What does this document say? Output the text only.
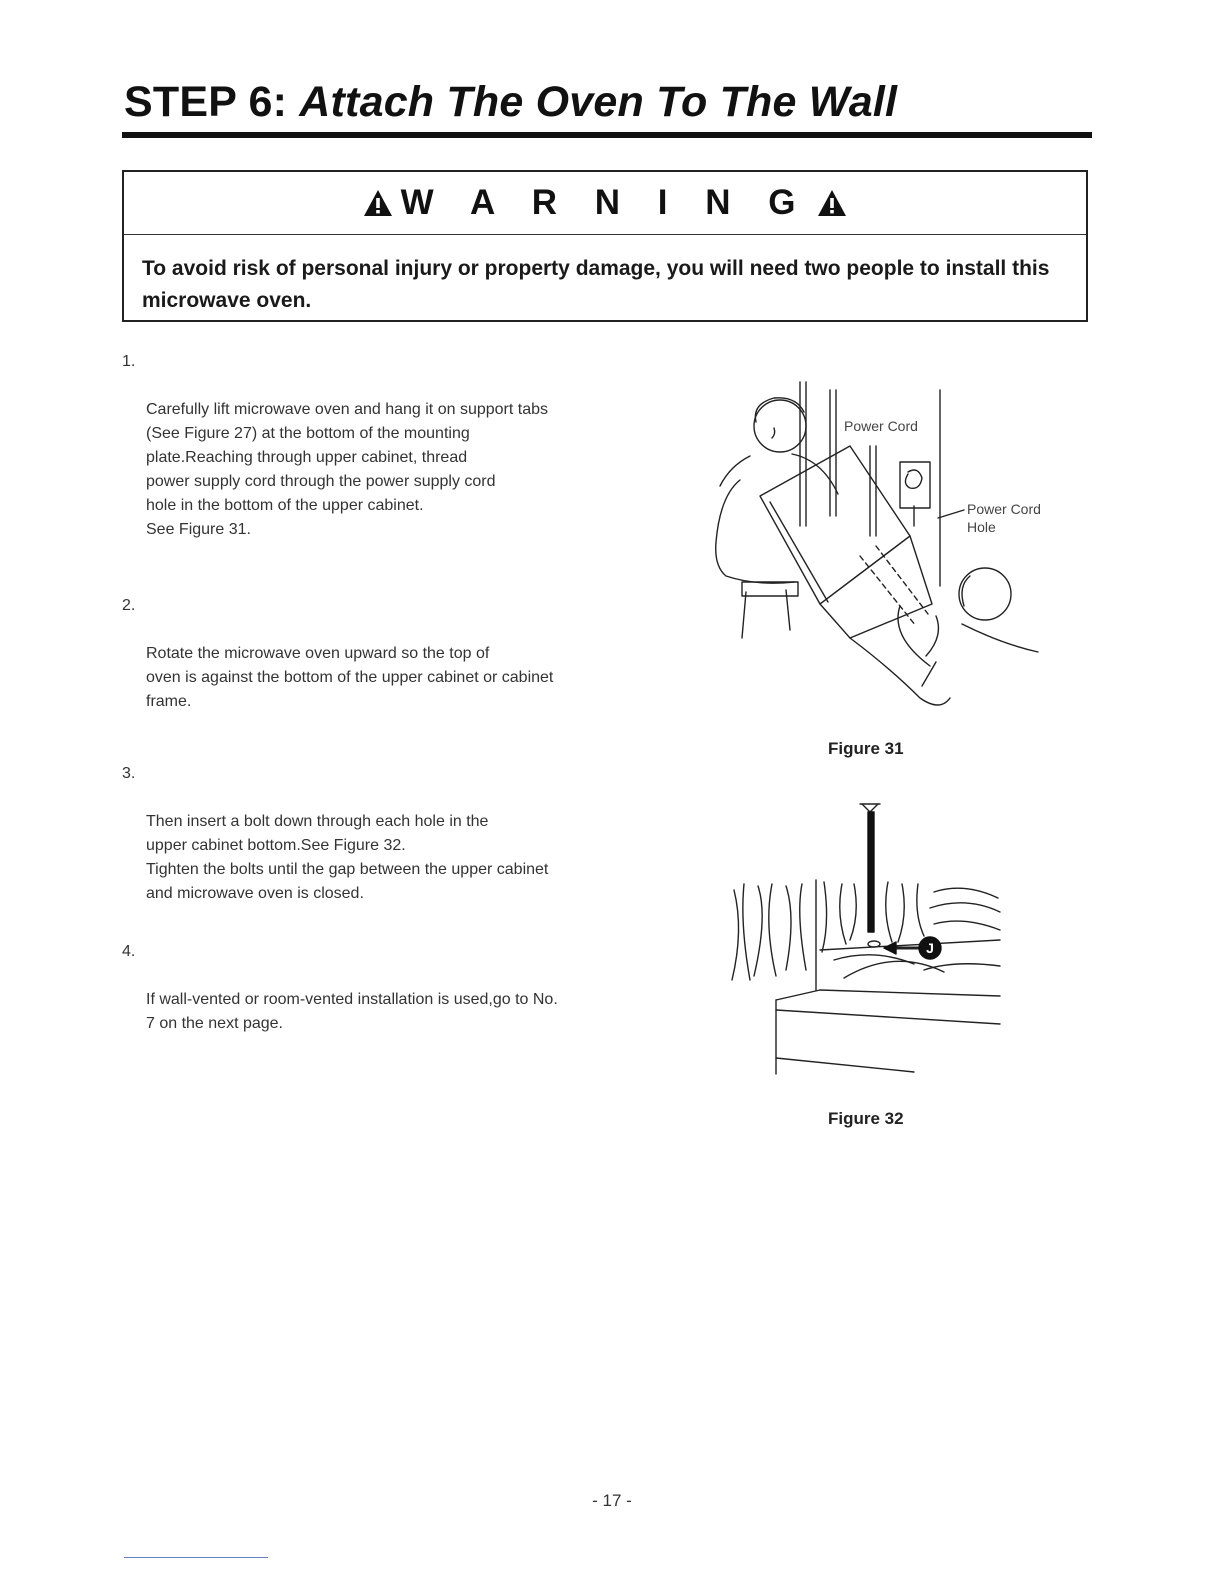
STEP 6: Attach The Oven To The Wall
W A R N I N G
To avoid risk of personal injury or property damage, you will need two people to install this microwave oven.

1.

Carefully lift microwave oven and hang it on support tabs
(See Figure 27) at the bottom of the mounting
plate.Reaching through upper cabinet, thread
power supply cord through the power supply cord
hole in the bottom of the upper cabinet.
See Figure 31.

2.

Rotate the microwave oven upward so the top of
oven is against the bottom of the upper cabinet or cabinet
frame.

3.

Then insert a bolt down through each hole in the
upper cabinet bottom.See Figure 32.
Tighten the bolts until the gap between the upper cabinet
and microwave oven is closed.

4.

If wall-vented or room-vented installation is used,go to No.
7 on the next page.

Power Cord
Power Cord
Hole
Figure 31
J
Figure 32
- 17 -
